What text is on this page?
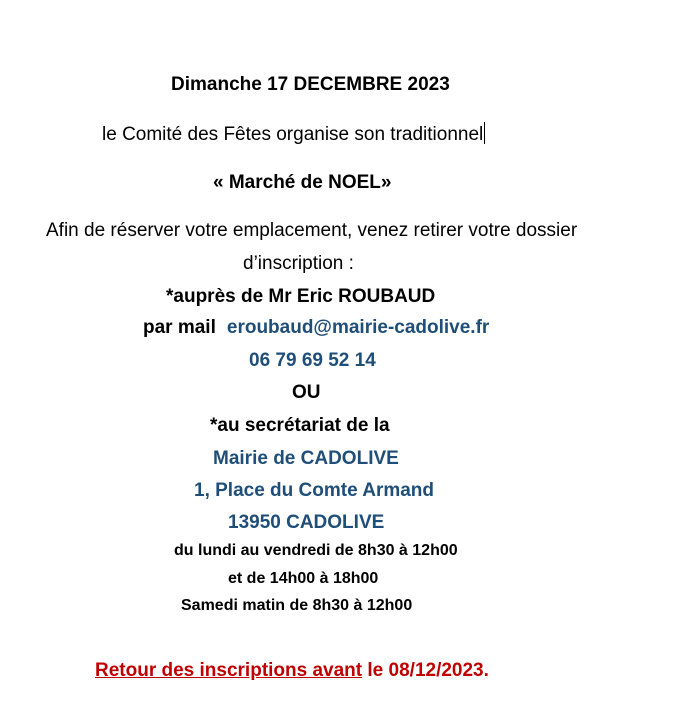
Dimanche 17 DECEMBRE 2023
le Comité des Fêtes organise son traditionnel
« Marché de NOEL»
Afin de réserver votre emplacement, venez retirer votre dossier
d’inscription :
*auprès de Mr Eric ROUBAUD
par mail eroubaud@mairie-cadolive.fr
06 79 69 52 14
OU
*au secrétariat de la
Mairie de CADOLIVE
1, Place du Comte Armand
13950 CADOLIVE
du lundi au vendredi de 8h30 à 12h00
et de 14h00 à 18h00
Samedi matin de 8h30 à 12h00
Retour des inscriptions avant le 08/12/2023.
